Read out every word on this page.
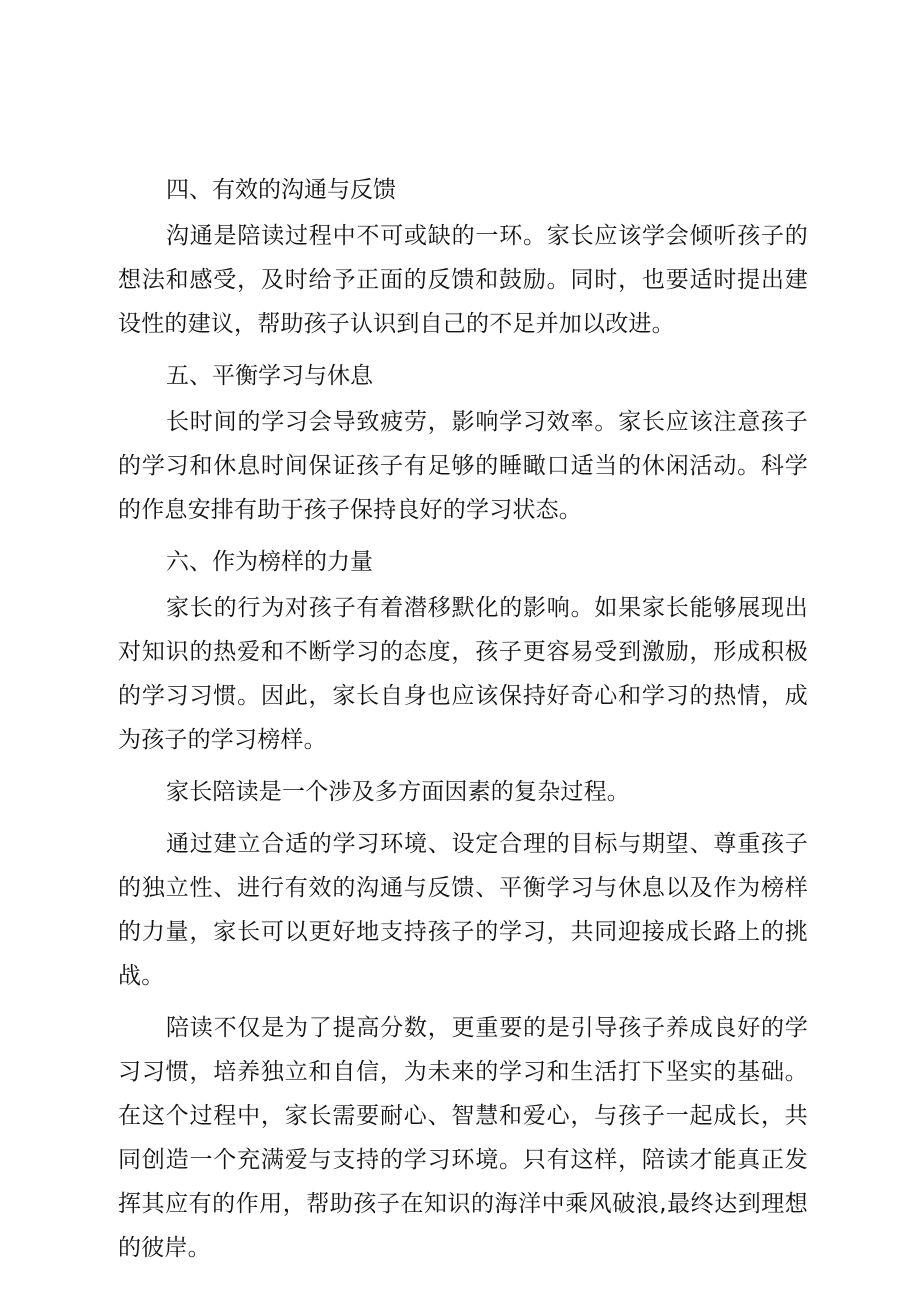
四、有效的沟通与反馈

沟通是陪读过程中不可或缺的一环。家长应该学会倾听孩子的想法和感受，及时给予正面的反馈和鼓励。同时，也要适时提出建设性的建议，帮助孩子认识到自己的不足并加以改进。

五、平衡学习与休息

长时间的学习会导致疲劳，影响学习效率。家长应该注意孩子的学习和休息时间保证孩子有足够的睡瞰口适当的休闲活动。科学的作息安排有助于孩子保持良好的学习状态。

六、作为榜样的力量

家长的行为对孩子有着潜移默化的影响。如果家长能够展现出对知识的热爱和不断学习的态度，孩子更容易受到激励，形成积极的学习习惯。因此，家长自身也应该保持好奇心和学习的热情，成为孩子的学习榜样。

家长陪读是一个涉及多方面因素的复杂过程。

通过建立合适的学习环境、设定合理的目标与期望、尊重孩子的独立性、进行有效的沟通与反馈、平衡学习与休息以及作为榜样的力量，家长可以更好地支持孩子的学习，共同迎接成长路上的挑战。

陪读不仅是为了提高分数，更重要的是引导孩子养成良好的学习习惯，培养独立和自信，为未来的学习和生活打下坚实的基础。在这个过程中，家长需要耐心、智慧和爱心，与孩子一起成长，共同创造一个充满爱与支持的学习环境。只有这样，陪读才能真正发挥其应有的作用，帮助孩子在知识的海洋中乘风破浪,最终达到理想的彼岸。
